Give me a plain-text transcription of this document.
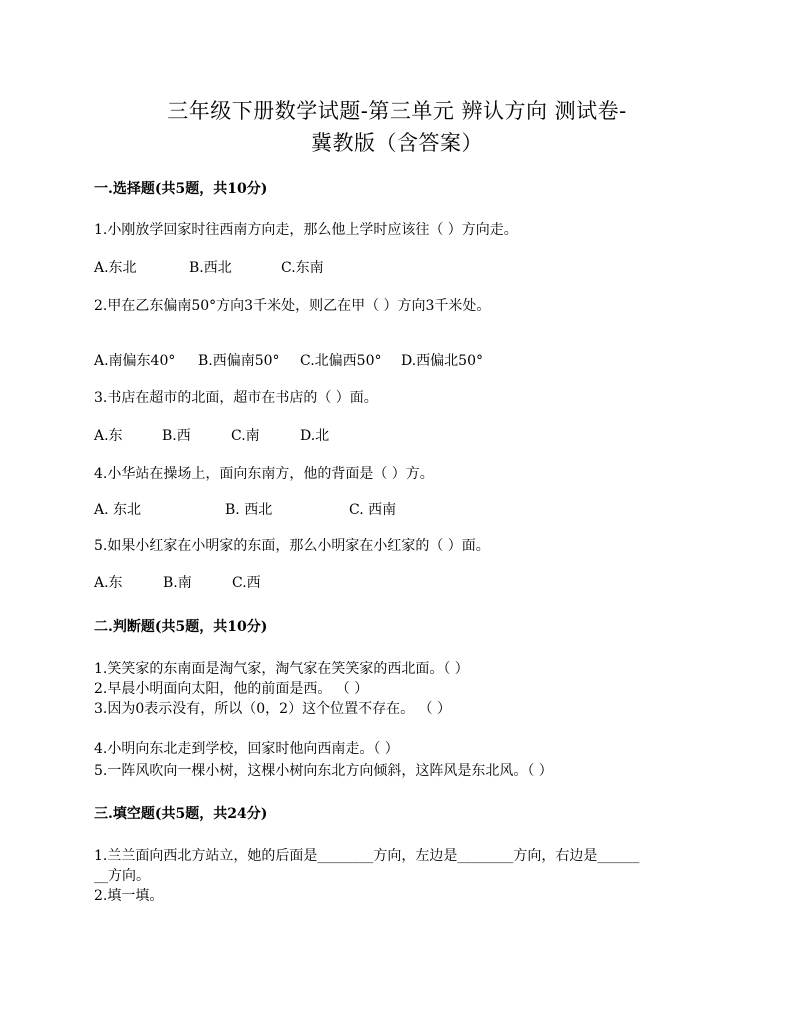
三年级下册数学试题-第三单元 辨认方向 测试卷-
冀教版（含答案）
一.选择题(共5题，共10分)
1.小刚放学回家时往西南方向走，那么他上学时应该往（ ）方向走。
A.东北	B.西北	C.东南
2.甲在乙东偏南50°方向3千米处，则乙在甲（ ）方向3千米处。
A.南偏东40° B.西偏南50° C.北偏西50° D.西偏北50°
3.书店在超市的北面，超市在书店的（ ）面。
A.东	B.西	C.南	D.北
4.小华站在操场上，面向东南方，他的背面是（ ）方。
A. 东北	B. 西北	C. 西南
5.如果小红家在小明家的东面，那么小明家在小红家的（ ）面。
A.东	B.南	C.西
二.判断题(共5题，共10分)
1.笑笑家的东南面是淘气家，淘气家在笑笑家的西北面。（ ）
2.早晨小明面向太阳，他的前面是西。 （ ）
3.因为0表示没有，所以（0，2）这个位置不存在。 （ ）
4.小明向东北走到学校，回家时他向西南走。（ ）
5.一阵风吹向一棵小树，这棵小树向东北方向倾斜，这阵风是东北风。（ ）
三.填空题(共5题，共24分)
1.兰兰面向西北方站立，她的后面是________方向，左边是________方向，右边是______
__方向。
2.填一填。
